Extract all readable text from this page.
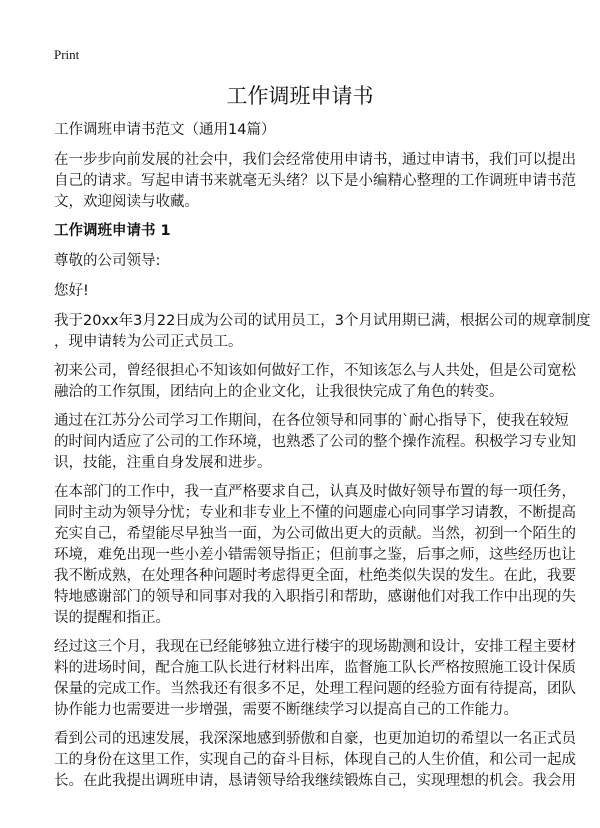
Print
工作调班申请书
工作调班申请书范文（通用14篇）
在一步步向前发展的社会中，我们会经常使用申请书，通过申请书，我们可以提出
自己的请求。写起申请书来就毫无头绪？以下是小编精心整理的工作调班申请书范
文，欢迎阅读与收藏。
工作调班申请书 1
尊敬的公司领导:
您好!
我于20xx年3月22日成为公司的试用员工，3个月试用期已满，根据公司的规章制度
，现申请转为公司正式员工。
初来公司，曾经很担心不知该如何做好工作，不知该怎么与人共处，但是公司宽松
融洽的工作氛围，团结向上的企业文化，让我很快完成了角色的转变。
通过在江苏分公司学习工作期间，在各位领导和同事的`耐心指导下，使我在较短
的时间内适应了公司的工作环境，也熟悉了公司的整个操作流程。积极学习专业知
识，技能，注重自身发展和进步。
在本部门的工作中，我一直严格要求自己，认真及时做好领导布置的每一项任务，
同时主动为领导分忧；专业和非专业上不懂的问题虚心向同事学习请教，不断提高
充实自己，希望能尽早独当一面，为公司做出更大的贡献。当然，初到一个陌生的
环境，难免出现一些小差小错需领导指正；但前事之鉴，后事之师，这些经历也让
我不断成熟，在处理各种问题时考虑得更全面，杜绝类似失误的发生。在此，我要
特地感谢部门的领导和同事对我的入职指引和帮助，感谢他们对我工作中出现的失
误的提醒和指正。
经过这三个月，我现在已经能够独立进行楼宇的现场勘测和设计，安排工程主要材
料的进场时间，配合施工队长进行材料出库，监督施工队长严格按照施工设计保质
保量的完成工作。当然我还有很多不足，处理工程问题的经验方面有待提高，团队
协作能力也需要进一步增强，需要不断继续学习以提高自己的工作能力。
看到公司的迅速发展，我深深地感到骄傲和自豪，也更加迫切的希望以一名正式员
工的身份在这里工作，实现自己的奋斗目标，体现自己的人生价值，和公司一起成
长。在此我提出调班申请，恳请领导给我继续锻炼自己，实现理想的机会。我会用
